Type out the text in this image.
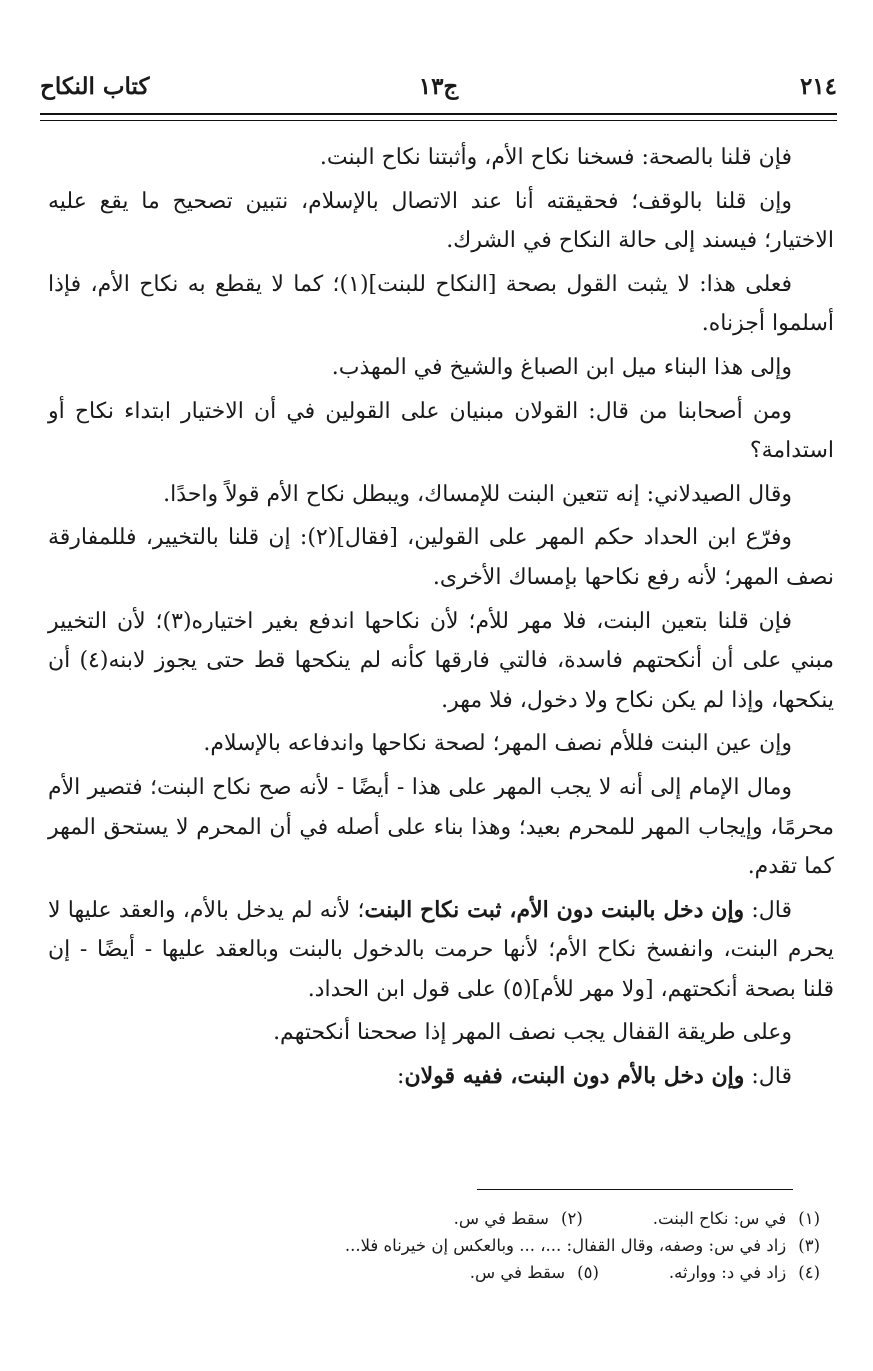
٢١٤
ج١٣
كتاب النكاح

فإن قلنا بالصحة: فسخنا نكاح الأم، وأثبتنا نكاح البنت.

وإن قلنا بالوقف؛ فحقيقته أنا عند الاتصال بالإسلام، نتبين تصحيح ما يقع عليه الاختيار؛ فيسند إلى حالة النكاح في الشرك.

فعلى هذا: لا يثبت القول بصحة [النكاح للبنت](١)؛ كما لا يقطع به نكاح الأم، فإذا أسلموا أجزناه.

وإلى هذا البناء ميل ابن الصباغ والشيخ في المهذب.

ومن أصحابنا من قال: القولان مبنيان على القولين في أن الاختيار ابتداء نكاح أو استدامة؟

وقال الصيدلاني: إنه تتعين البنت للإمساك، ويبطل نكاح الأم قولاً واحدًا.

وفرّع ابن الحداد حكم المهر على القولين، [فقال](٢): إن قلنا بالتخيير، فللمفارقة نصف المهر؛ لأنه رفع نكاحها بإمساك الأخرى.

فإن قلنا بتعين البنت، فلا مهر للأم؛ لأن نكاحها اندفع بغير اختياره(٣)؛ لأن التخيير مبني على أن أنكحتهم فاسدة، فالتي فارقها كأنه لم ينكحها قط حتى يجوز لابنه(٤) أن ينكحها، وإذا لم يكن نكاح ولا دخول، فلا مهر.

وإن عين البنت فللأم نصف المهر؛ لصحة نكاحها واندفاعه بالإسلام.

ومال الإمام إلى أنه لا يجب المهر على هذا - أيضًا - لأنه صح نكاح البنت؛ فتصير الأم محرمًا، وإيجاب المهر للمحرم بعيد؛ وهذا بناء على أصله في أن المحرم لا يستحق المهر كما تقدم.

قال: وإن دخل بالبنت دون الأم، ثبت نكاح البنت؛ لأنه لم يدخل بالأم، والعقد عليها لا يحرم البنت، وانفسخ نكاح الأم؛ لأنها حرمت بالدخول بالبنت وبالعقد عليها - أيضًا - إن قلنا بصحة أنكحتهم، [ولا مهر للأم](٥) على قول ابن الحداد.

وعلى طريقة القفال يجب نصف المهر إذا صححنا أنكحتهم.

قال: وإن دخل بالأم دون البنت، ففيه قولان:

(١)في س: نكاح البنت.
(٢)سقط في س.
(٣)زاد في س: وصفه، وقال القفال: ...، ... وبالعكس إن خيرناه فلا...
(٤)زاد في د: ووارثه.
(٥)سقط في س.
